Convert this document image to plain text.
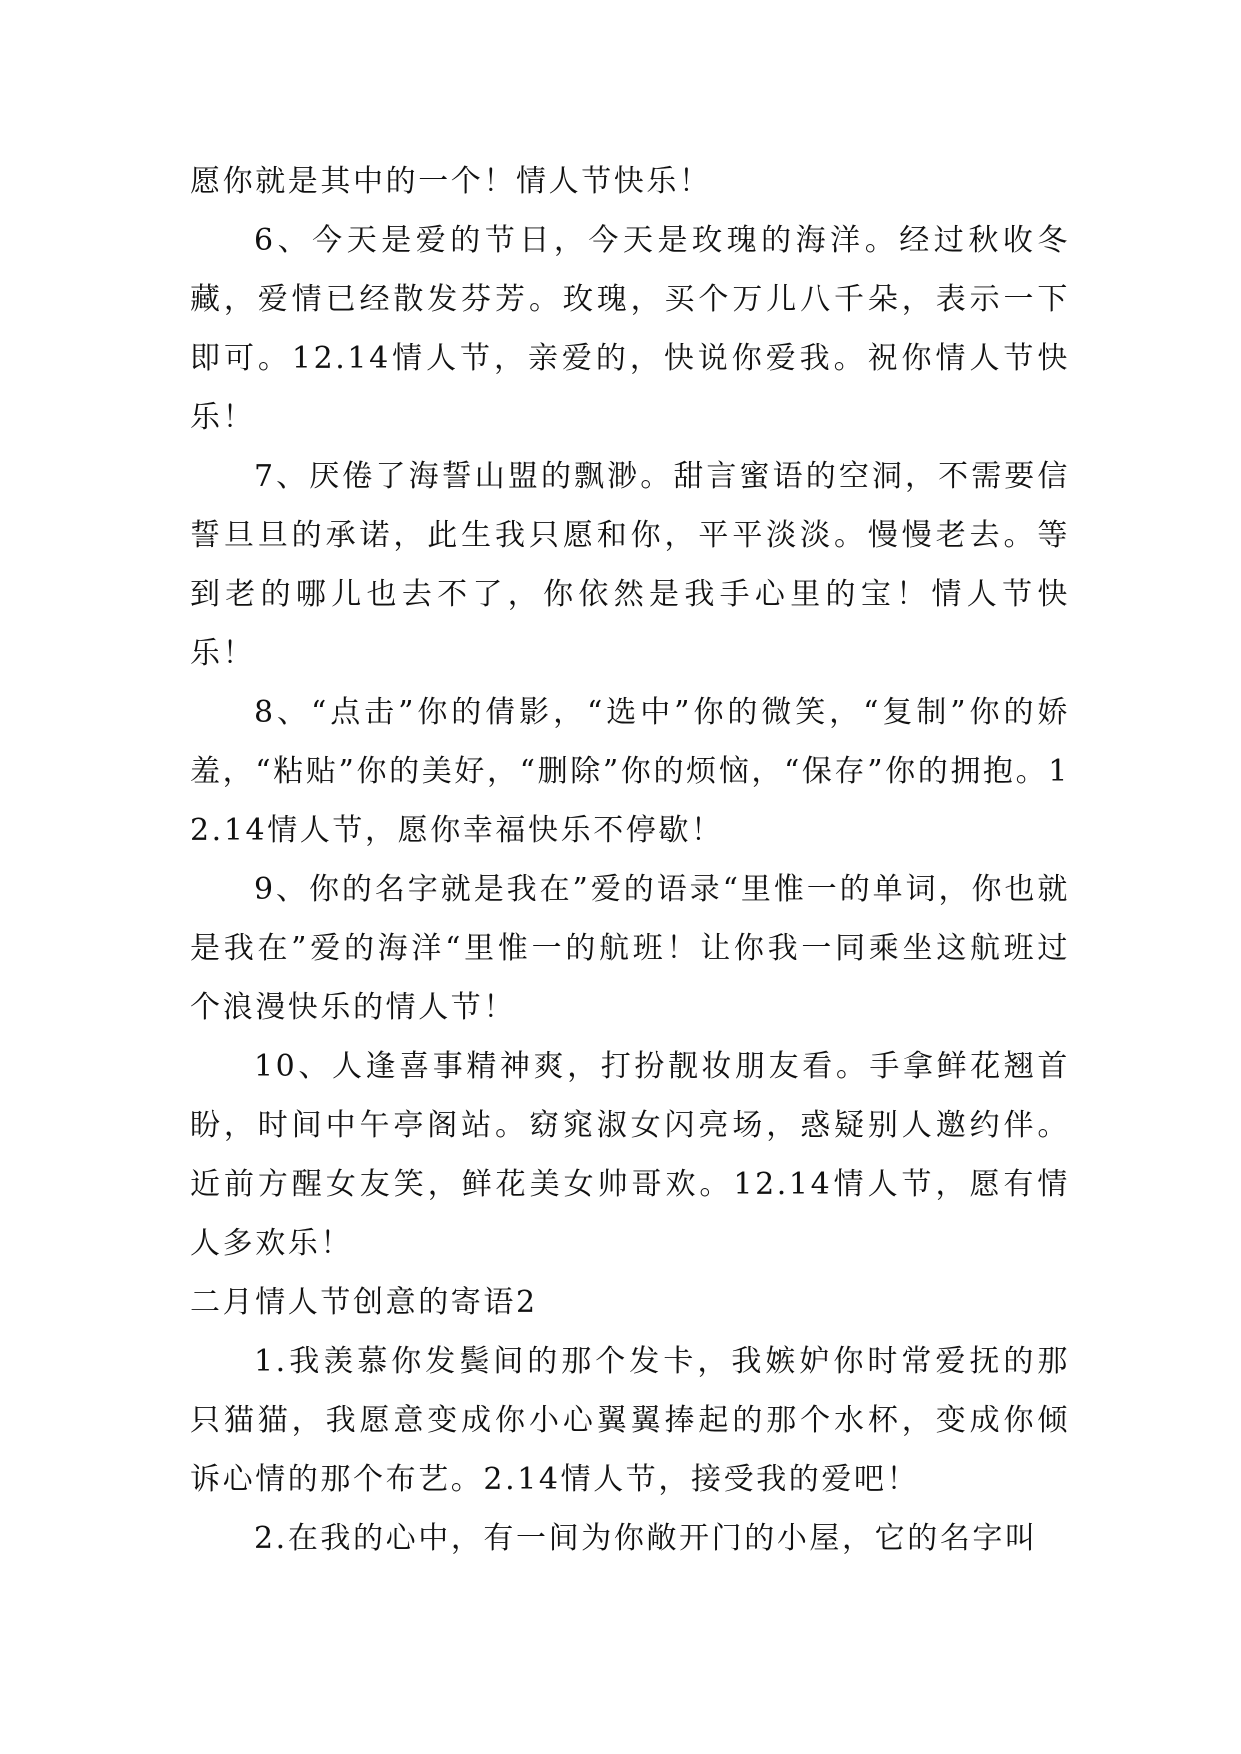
愿你就是其中的一个！情人节快乐！

6、今天是爱的节日，今天是玫瑰的海洋。经过秋收冬藏，爱情已经散发芬芳。玫瑰，买个万儿八千朵，表示一下即可。12.14情人节，亲爱的，快说你爱我。祝你情人节快乐！

7、厌倦了海誓山盟的飘渺。甜言蜜语的空洞，不需要信誓旦旦的承诺，此生我只愿和你，平平淡淡。慢慢老去。等到老的哪儿也去不了，你依然是我手心里的宝！情人节快乐！

8、“点击”你的倩影，“选中”你的微笑，“复制”你的娇羞，“粘贴”你的美好，“删除”你的烦恼，“保存”你的拥抱。12.14情人节，愿你幸福快乐不停歇！

9、你的名字就是我在”爱的语录“里惟一的单词，你也就是我在”爱的海洋“里惟一的航班！让你我一同乘坐这航班过个浪漫快乐的情人节！

10、人逢喜事精神爽，打扮靓妆朋友看。手拿鲜花翘首盼，时间中午亭阁站。窈窕淑女闪亮场，惑疑别人邀约伴。近前方醒女友笑，鲜花美女帅哥欢。12.14情人节，愿有情人多欢乐！

二月情人节创意的寄语2

1.我羡慕你发鬓间的那个发卡，我嫉妒你时常爱抚的那只猫猫，我愿意变成你小心翼翼捧起的那个水杯，变成你倾诉心情的那个布艺。2.14情人节，接受我的爱吧！

2.在我的心中，有一间为你敞开门的小屋，它的名字叫
